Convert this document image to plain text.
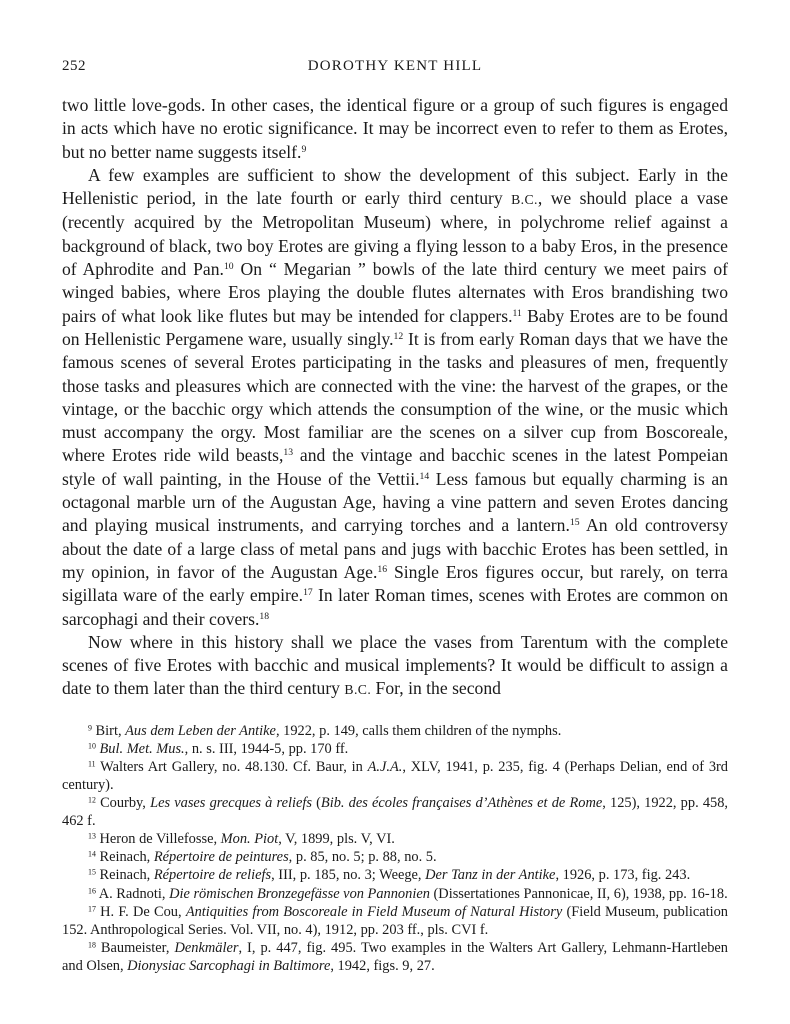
252	DOROTHY KENT HILL

two little love-gods. In other cases, the identical figure or a group of such figures is engaged in acts which have no erotic significance. It may be incorrect even to refer to them as Erotes, but no better name suggests itself.$^9$

A few examples are sufficient to show the development of this subject. Early in the Hellenistic period, in the late fourth or early third century B.C., we should place a vase (recently acquired by the Metropolitan Museum) where, in polychrome relief against a background of black, two boy Erotes are giving a flying lesson to a baby Eros, in the presence of Aphrodite and Pan.$^{10}$ On “ Megarian ” bowls of the late third century we meet pairs of winged babies, where Eros playing the double flutes alternates with Eros brandishing two pairs of what look like flutes but may be intended for clappers.$^{11}$ Baby Erotes are to be found on Hellenistic Pergamene ware, usually singly.$^{12}$ It is from early Roman days that we have the famous scenes of several Erotes participating in the tasks and pleasures of men, frequently those tasks and pleasures which are connected with the vine: the harvest of the grapes, or the vintage, or the bacchic orgy which attends the consumption of the wine, or the music which must accompany the orgy. Most familiar are the scenes on a silver cup from Boscoreale, where Erotes ride wild beasts,$^{13}$ and the vintage and bacchic scenes in the latest Pompeian style of wall painting, in the House of the Vettii.$^{14}$ Less famous but equally charming is an octagonal marble urn of the Augustan Age, having a vine pattern and seven Erotes dancing and playing musical instruments, and carrying torches and a lantern.$^{15}$ An old controversy about the date of a large class of metal pans and jugs with bacchic Erotes has been settled, in my opinion, in favor of the Augustan Age.$^{16}$ Single Eros figures occur, but rarely, on terra sigillata ware of the early empire.$^{17}$ In later Roman times, scenes with Erotes are common on sarcophagi and their covers.$^{18}$

Now where in this history shall we place the vases from Tarentum with the complete scenes of five Erotes with bacchic and musical implements? It would be difficult to assign a date to them later than the third century B.C. For, in the second

$^9$ Birt, Aus dem Leben der Antike, 1922, p. 149, calls them children of the nymphs.

$^{10}$ Bul. Met. Mus., n. s. III, 1944-5, pp. 170 ff.

$^{11}$ Walters Art Gallery, no. 48.130. Cf. Baur, in A.J.A., XLV, 1941, p. 235, fig. 4 (Perhaps Delian, end of 3rd century).

$^{12}$ Courby, Les vases grecques à reliefs (Bib. des écoles françaises d’Athènes et de Rome, 125), 1922, pp. 458, 462 f.

$^{13}$ Heron de Villefosse, Mon. Piot, V, 1899, pls. V, VI.

$^{14}$ Reinach, Répertoire de peintures, p. 85, no. 5; p. 88, no. 5.

$^{15}$ Reinach, Répertoire de reliefs, III, p. 185, no. 3; Weege, Der Tanz in der Antike, 1926, p. 173, fig. 243.

$^{16}$ A. Radnoti, Die römischen Bronzegefässe von Pannonien (Dissertationes Pannonicae, II, 6), 1938, pp. 16-18.

$^{17}$ H. F. De Cou, Antiquities from Boscoreale in Field Museum of Natural History (Field Museum, publication 152. Anthropological Series. Vol. VII, no. 4), 1912, pp. 203 ff., pls. CVI f.

$^{18}$ Baumeister, Denkmäler, I, p. 447, fig. 495. Two examples in the Walters Art Gallery, Lehmann-Hartleben and Olsen, Dionysiac Sarcophagi in Baltimore, 1942, figs. 9, 27.
